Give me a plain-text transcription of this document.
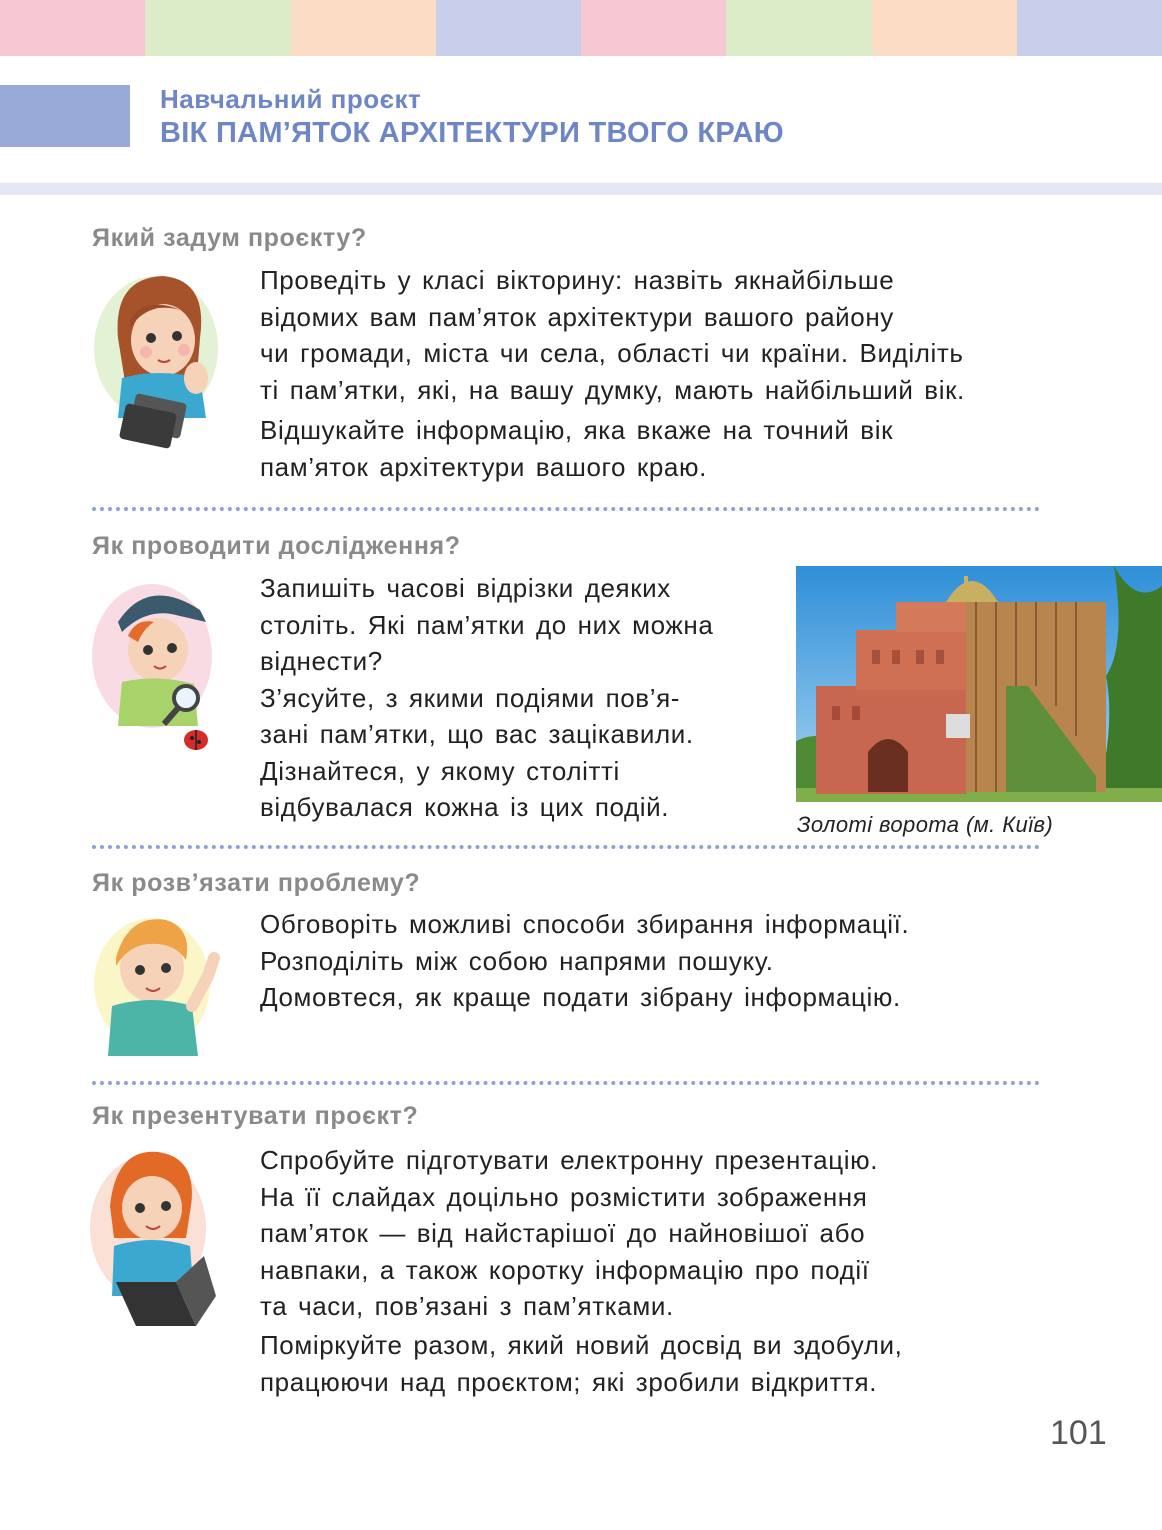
Навчальний проєкт
ВІК ПАМ’ЯТОК АРХІТЕКТУРИ ТВОГО КРАЮ
Який задум проєкту?

Проведіть у класі вікторину: назвіть якнайбільше
відомих вам пам’яток архітектури вашого району
чи громади, міста чи села, області чи країни. Виділіть
ті пам’ятки, які, на вашу думку, мають найбільший вік.

Відшукайте інформацію, яка вкаже на точний вік
пам’яток архітектури вашого краю.

Як проводити дослідження?

Запишіть часові відрізки деяких
століть. Які пам’ятки до них можна
віднести?
З’ясуйте, з якими подіями пов’я-
зані пам’ятки, що вас зацікавили.
Дізнайтеся, у якому столітті
відбувалася кожна із цих подій.

Золоті ворота (м. Київ)
Як розв’язати проблему?

Обговоріть можливі способи збирання інформації.
Розподіліть між собою напрями пошуку.
Домовтеся, як краще подати зібрану інформацію.

Як презентувати проєкт?

Спробуйте підготувати електронну презентацію.
На її слайдах доцільно розмістити зображення
пам’яток — від найстарішої до найновішої або
навпаки, а також коротку інформацію про події
та часи, пов’язані з пам’ятками.

Поміркуйте разом, який новий досвід ви здобули,
працюючи над проєктом; які зробили відкриття.

101
